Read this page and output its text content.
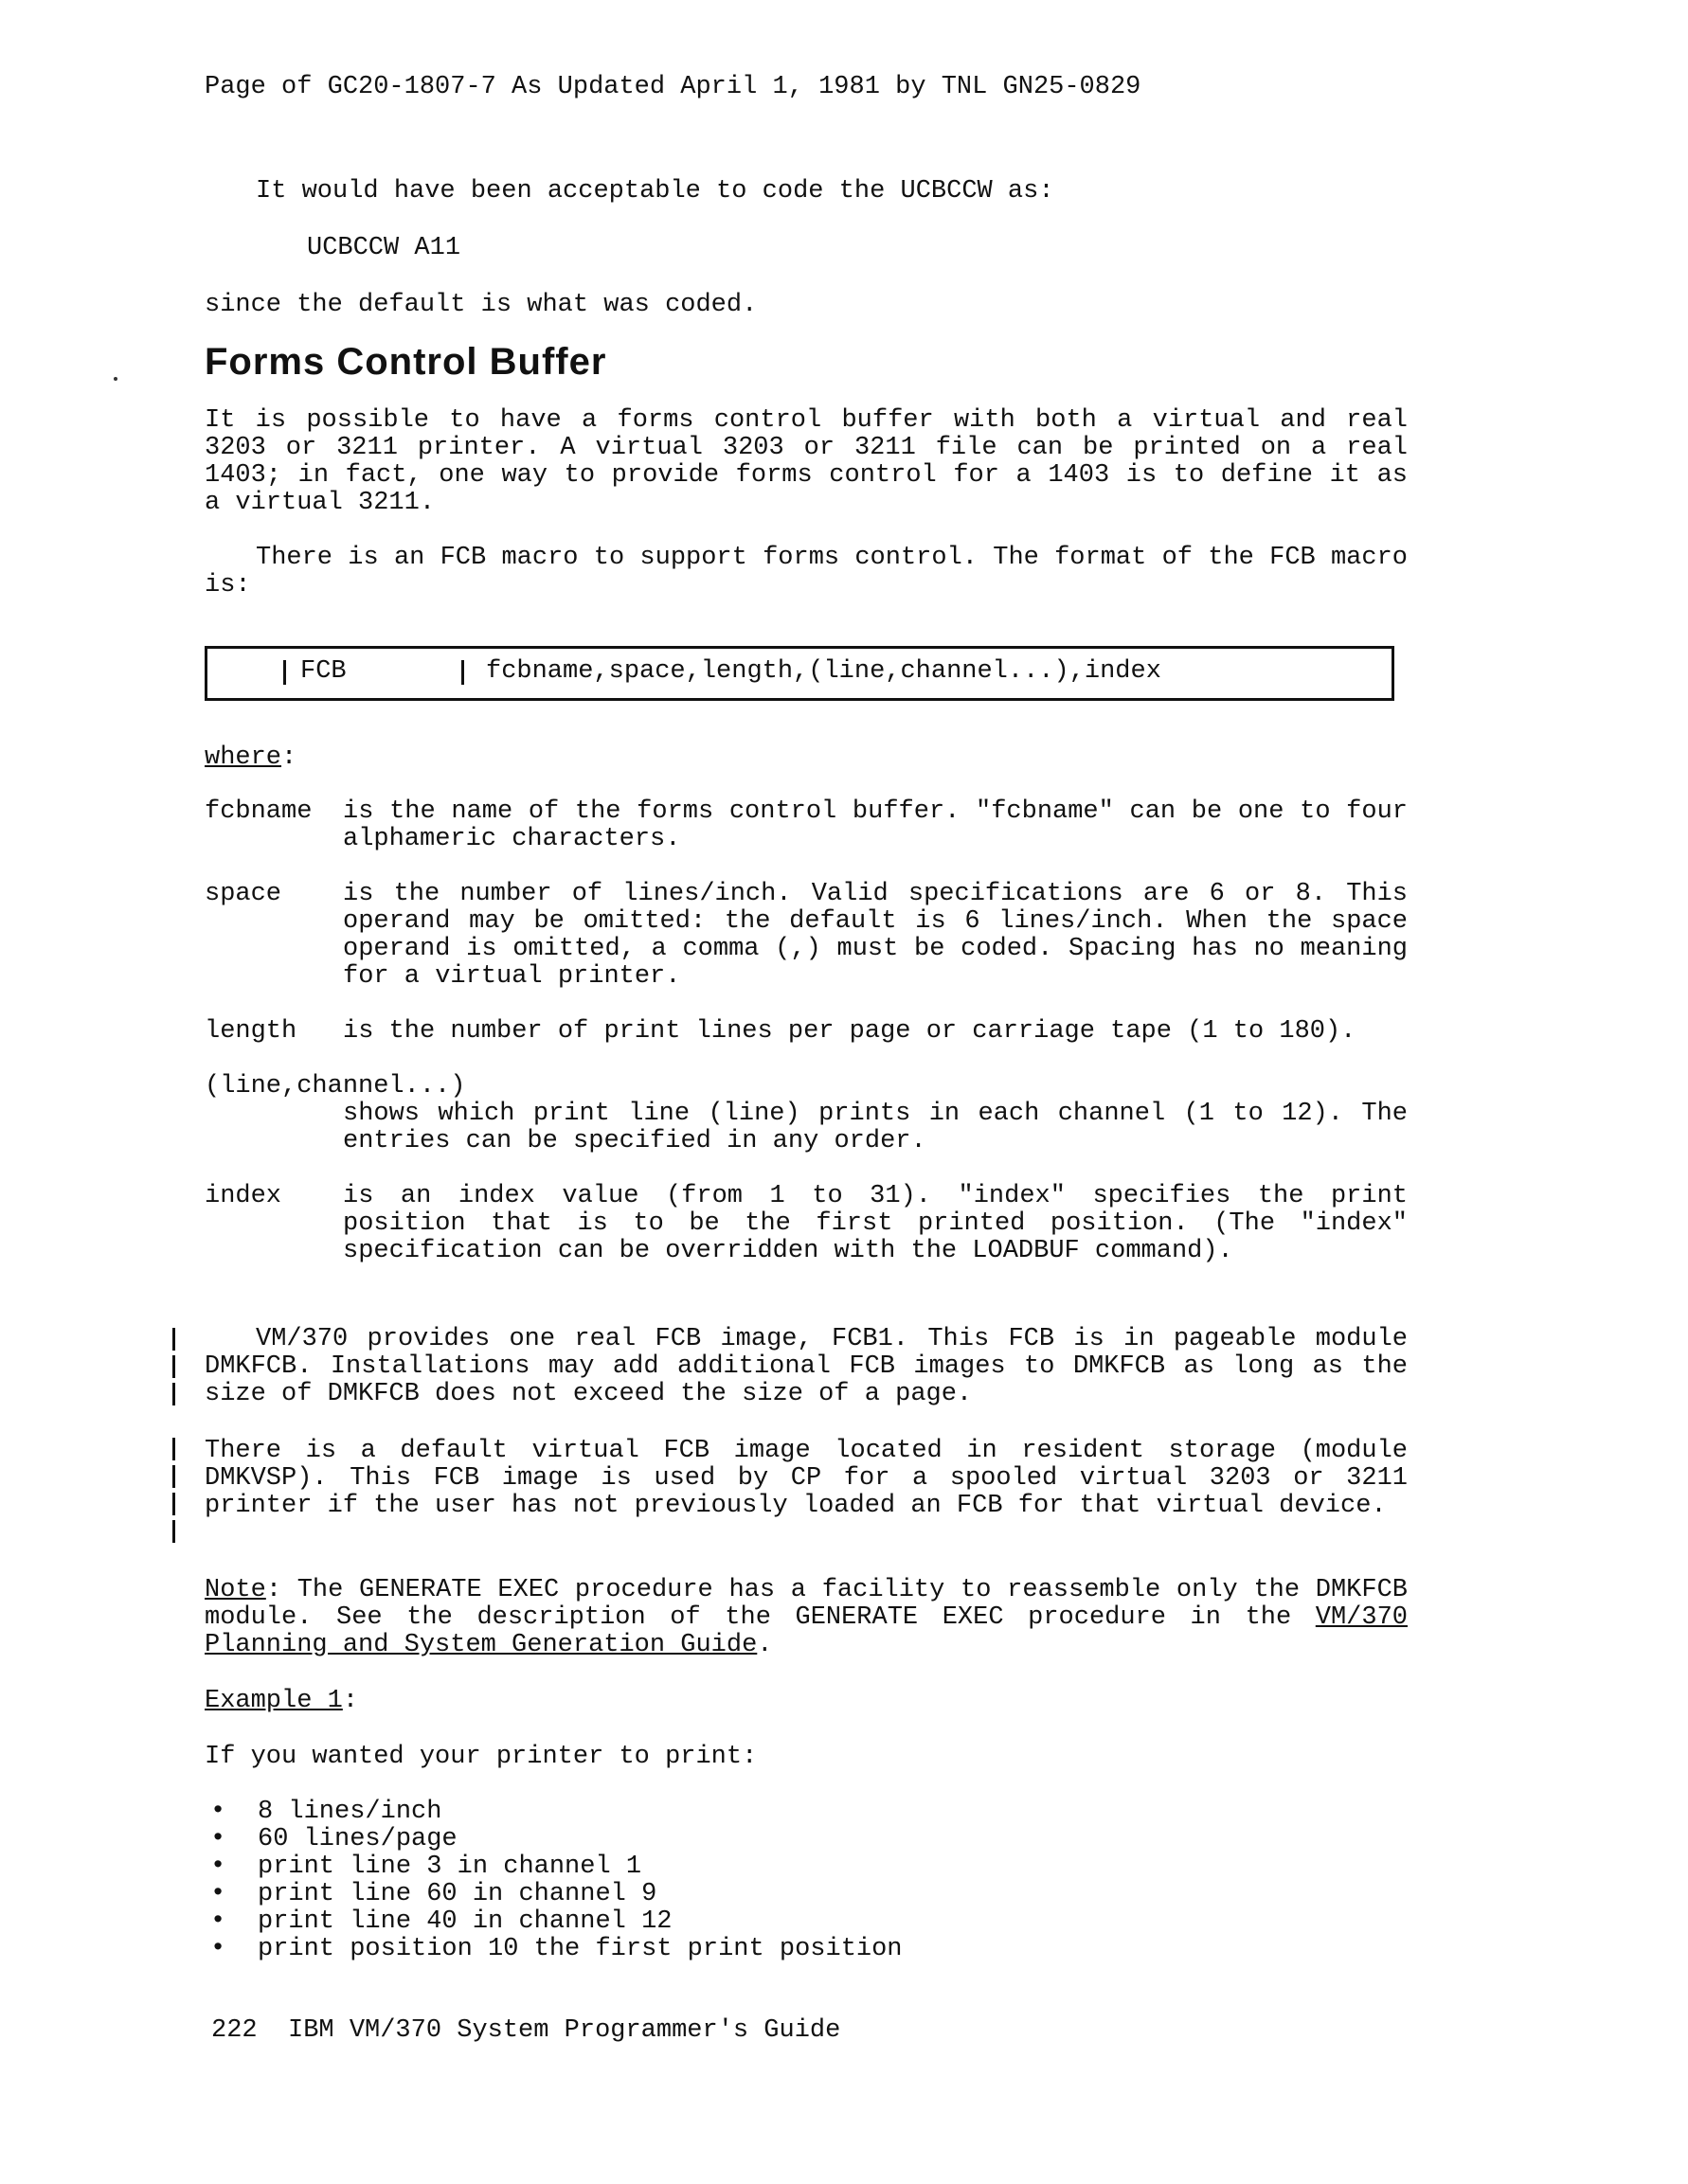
Page of GC20-1807-7 As Updated April 1, 1981 by TNL GN25-0829
It would have been acceptable to code the UCBCCW as:
UCBCCW A11
since the default is what was coded.
Forms Control Buffer
It is possible to have a forms control buffer with both a virtual and real 3203 or 3211 printer. A virtual 3203 or 3211 file can be printed on a real 1403; in fact, one way to provide forms control for a 1403 is to define it as a virtual 3211.
There is an FCB macro to support forms control. The format of the FCB macro is:
FCB	fcbname,space,length,(line,channel...),index
where:
fcbname	is the name of the forms control buffer. "fcbname" can be one to four alphameric characters.
space	is the number of lines/inch. Valid specifications are 6 or 8. This operand may be omitted: the default is 6 lines/inch. When the space operand is omitted, a comma (,) must be coded. Spacing has no meaning for a virtual printer.
length	is the number of print lines per page or carriage tape (1 to 180).
(line,channel...)
shows which print line (line) prints in each channel (1 to 12). The entries can be specified in any order.
index	is an index value (from 1 to 31). "index" specifies the print position that is to be the first printed position. (The "index" specification can be overridden with the LOADBUF command).
VM/370 provides one real FCB image, FCB1. This FCB is in pageable module DMKFCB. Installations may add additional FCB images to DMKFCB as long as the size of DMKFCB does not exceed the size of a page.
There is a default virtual FCB image located in resident storage (module DMKVSP). This FCB image is used by CP for a spooled virtual 3203 or 3211 printer if the user has not previously loaded an FCB for that virtual device.
Note: The GENERATE EXEC procedure has a facility to reassemble only the DMKFCB module. See the description of the GENERATE EXEC procedure in the VM/370 Planning and System Generation Guide.
Example 1:
If you wanted your printer to print:
• 8 lines/inch
• 60 lines/page
• print line 3 in channel 1
• print line 60 in channel 9
• print line 40 in channel 12
• print position 10 the first print position
222 IBM VM/370 System Programmer's Guide
